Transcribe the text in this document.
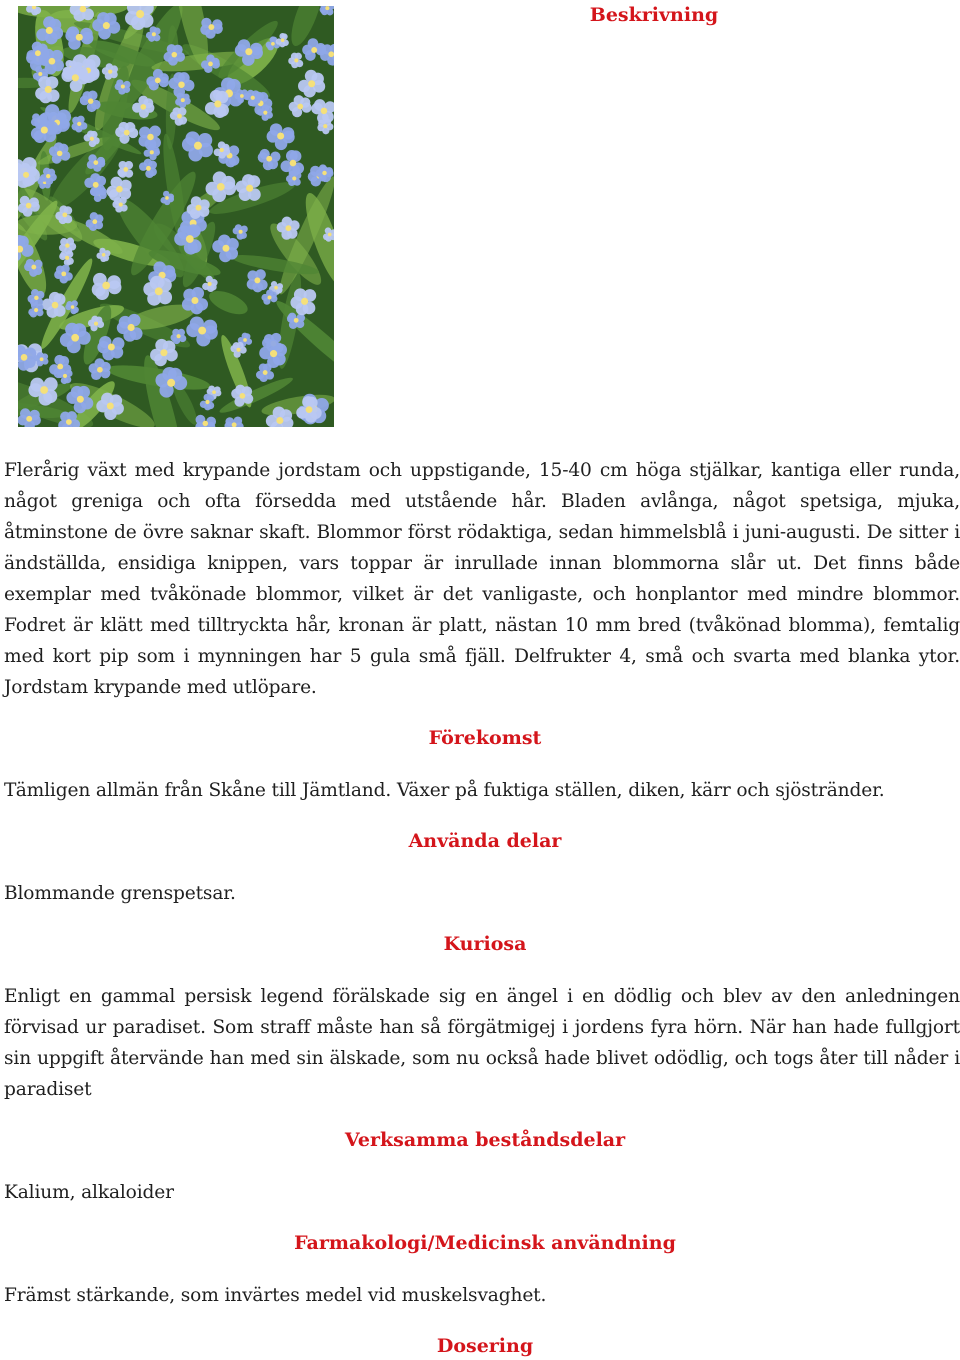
Beskrivning

Flerårig växt med krypande jordstam och uppstigande, 15-40 cm höga stjälkar, kantiga eller runda, något greniga och ofta försedda med utstående hår. Bladen avlånga, något spetsiga, mjuka, åtminstone de övre saknar skaft. Blommor först rödaktiga, sedan himmelsblå i juni-augusti. De sitter i ändställda, ensidiga knippen, vars toppar är inrullade innan blommorna slår ut. Det finns både exemplar med tvåkönade blommor, vilket är det vanligaste, och honplantor med mindre blommor. Fodret är klätt med tilltryckta hår, kronan är platt, nästan 10 mm bred (tvåkönad blomma), femtalig med kort pip som i mynningen har 5 gula små fjäll. Delfrukter 4, små och svarta med blanka ytor. Jordstam krypande med utlöpare.

Förekomst

Tämligen allmän från Skåne till Jämtland. Växer på fuktiga ställen, diken, kärr och sjöstränder.

Använda delar

Blommande grenspetsar.

Kuriosa

Enligt en gammal persisk legend förälskade sig en ängel i en dödlig och blev av den anledningen förvisad ur paradiset. Som straff måste han så förgätmigej i jordens fyra hörn. När han hade fullgjort sin uppgift återvände han med sin älskade, som nu också hade blivet odödlig, och togs åter till nåder i paradiset

Verksamma beståndsdelar

Kalium, alkaloider

Farmakologi/Medicinsk användning

Främst stärkande, som invärtes medel vid muskelsvaghet.

Dosering
